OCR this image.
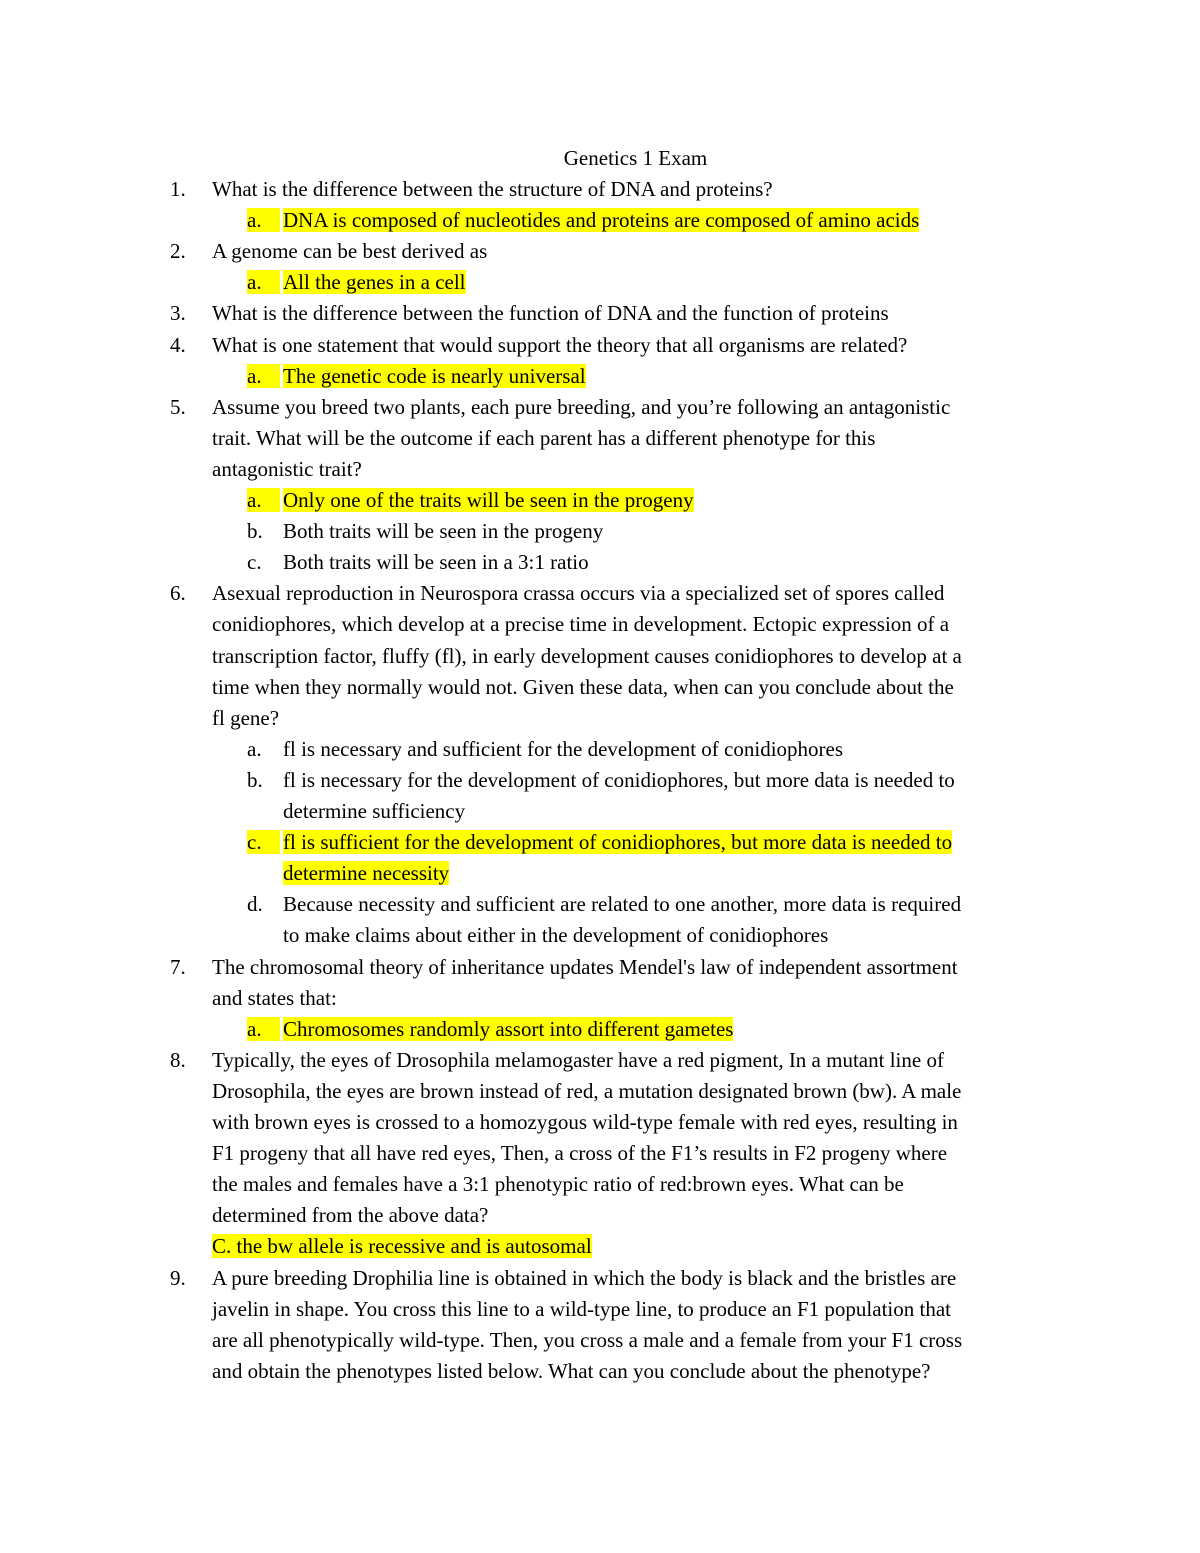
Genetics 1 Exam
1. What is the difference between the structure of DNA and proteins?
a.	DNA is composed of nucleotides and proteins are composed of amino acids
2. A genome can be best derived as
a.	All the genes in a cell
3. What is the difference between the function of DNA and the function of proteins
4. What is one statement that would support the theory that all organisms are related?
a.	The genetic code is nearly universal
5. Assume you breed two plants, each pure breeding, and you’re following an antagonistic
trait. What will be the outcome if each parent has a different phenotype for this
antagonistic trait?
a.	Only one of the traits will be seen in the progeny
b. Both traits will be seen in the progeny
c. Both traits will be seen in a 3:1 ratio
6. Asexual reproduction in Neurospora crassa occurs via a specialized set of spores called
conidiophores, which develop at a precise time in development. Ectopic expression of a
transcription factor, fluffy (fl), in early development causes conidiophores to develop at a
time when they normally would not. Given these data, when can you conclude about the
fl gene?
a. fl is necessary and sufficient for the development of conidiophores
b. fl is necessary for the development of conidiophores, but more data is needed to
determine sufficiency
c.	fl is sufficient for the development of conidiophores, but more data is needed to
determine necessity
d. Because necessity and sufficient are related to one another, more data is required
to make claims about either in the development of conidiophores
7. The chromosomal theory of inheritance updates Mendel's law of independent assortment
and states that:
a.	Chromosomes randomly assort into different gametes
8. Typically, the eyes of Drosophila melamogaster have a red pigment, In a mutant line of
Drosophila, the eyes are brown instead of red, a mutation designated brown (bw). A male
with brown eyes is crossed to a homozygous wild-type female with red eyes, resulting in
F1 progeny that all have red eyes, Then, a cross of the F1’s results in F2 progeny where
the males and females have a 3:1 phenotypic ratio of red:brown eyes. What can be
determined from the above data?
C. the bw allele is recessive and is autosomal
9. A pure breeding Drophilia line is obtained in which the body is black and the bristles are
javelin in shape. You cross this line to a wild-type line, to produce an F1 population that
are all phenotypically wild-type. Then, you cross a male and a female from your F1 cross
and obtain the phenotypes listed below. What can you conclude about the phenotype?
